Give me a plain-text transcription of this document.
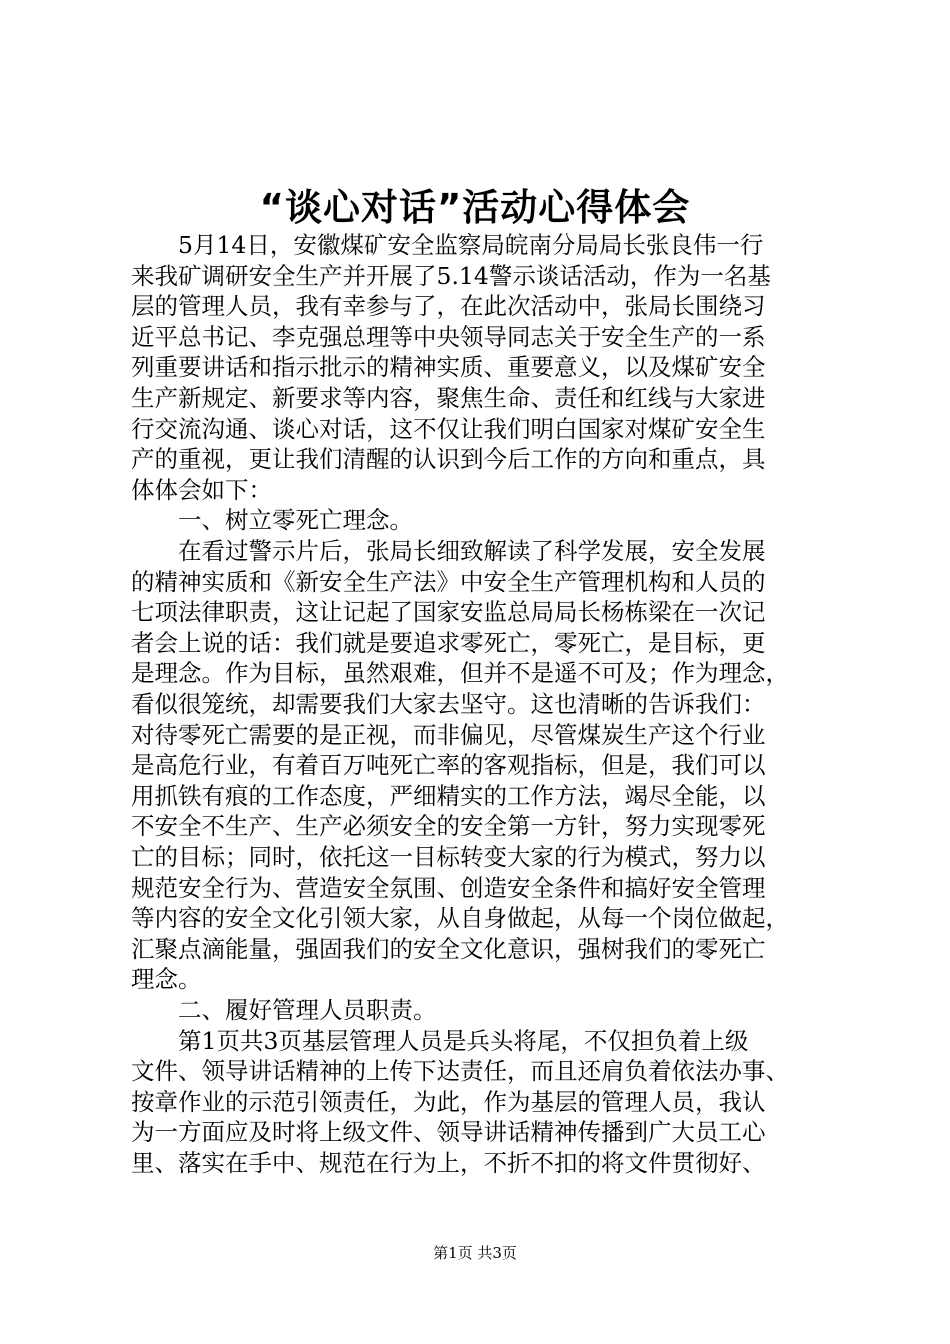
“谈心对话”活动心得体会
　　5月14日，安徽煤矿安全监察局皖南分局局长张良伟一行
来我矿调研安全生产并开展了5.14警示谈话活动，作为一名基
层的管理人员，我有幸参与了，在此次活动中，张局长围绕习
近平总书记、李克强总理等中央领导同志关于安全生产的一系
列重要讲话和指示批示的精神实质、重要意义，以及煤矿安全
生产新规定、新要求等内容，聚焦生命、责任和红线与大家进
行交流沟通、谈心对话，这不仅让我们明白国家对煤矿安全生
产的重视，更让我们清醒的认识到今后工作的方向和重点，具
体体会如下：
　　一、树立零死亡理念。
　　在看过警示片后，张局长细致解读了科学发展，安全发展
的精神实质和《新安全生产法》中安全生产管理机构和人员的
七项法律职责，这让记起了国家安监总局局长杨栋梁在一次记
者会上说的话：我们就是要追求零死亡，零死亡，是目标，更
是理念。作为目标，虽然艰难，但并不是遥不可及；作为理念，
看似很笼统，却需要我们大家去坚守。这也清晰的告诉我们：
对待零死亡需要的是正视，而非偏见，尽管煤炭生产这个行业
是高危行业，有着百万吨死亡率的客观指标，但是，我们可以
用抓铁有痕的工作态度，严细精实的工作方法，竭尽全能，以
不安全不生产、生产必须安全的安全第一方针，努力实现零死
亡的目标；同时，依托这一目标转变大家的行为模式，努力以
规范安全行为、营造安全氛围、创造安全条件和搞好安全管理
等内容的安全文化引领大家，从自身做起，从每一个岗位做起，
汇聚点滴能量，强固我们的安全文化意识，强树我们的零死亡
理念。
　　二、履好管理人员职责。
　　第1页共3页基层管理人员是兵头将尾，不仅担负着上级
文件、领导讲话精神的上传下达责任，而且还肩负着依法办事、
按章作业的示范引领责任，为此，作为基层的管理人员，我认
为一方面应及时将上级文件、领导讲话精神传播到广大员工心
里、落实在手中、规范在行为上，不折不扣的将文件贯彻好、
第1页 共3页
